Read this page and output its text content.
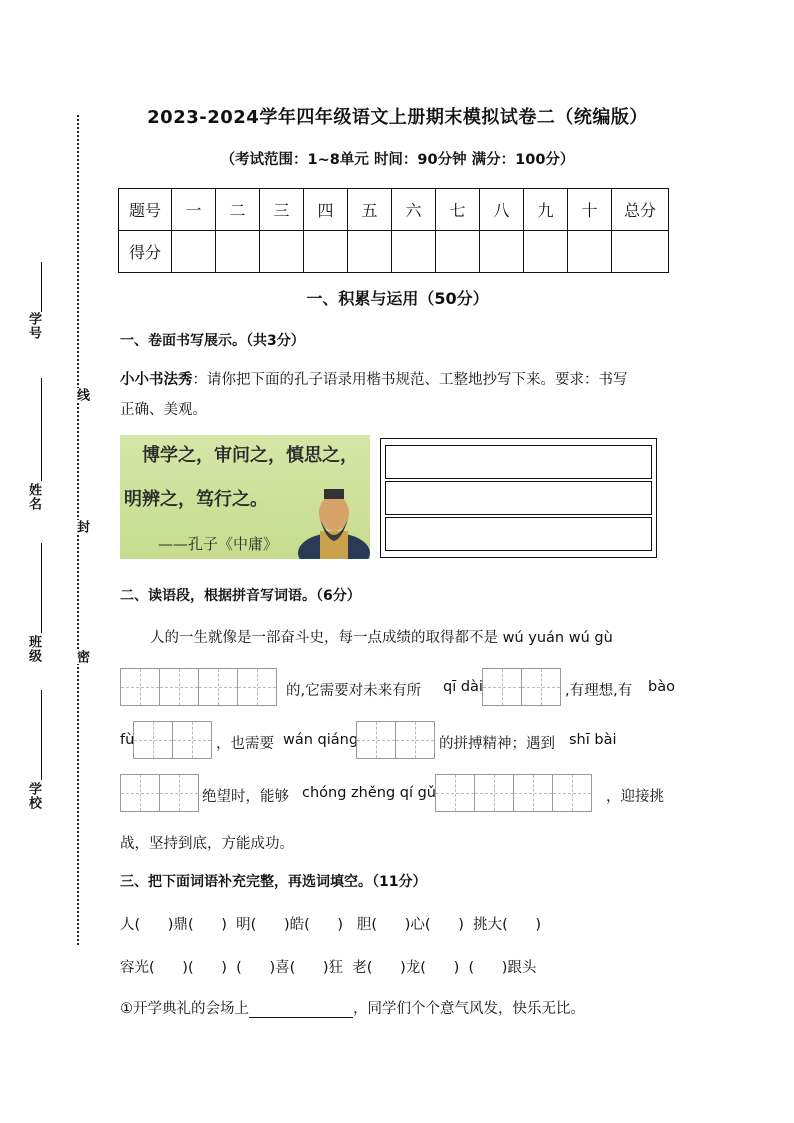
学号
姓名
班级
学校
线
封
密
2023-2024学年四年级语文上册期末模拟试卷二（统编版）
（考试范围：1~8单元 时间：90分钟 满分：100分）
题号	一	二	三	四	五	六	七	八	九	十	总分
得分											
一、积累与运用（50分）
一、卷面书写展示。（共3分）
小小书法秀：请你把下面的孔子语录用楷书规范、工整地抄写下来。要求：书写
正确、美观。
博学之，审问之，慎思之，
明辨之，笃行之。
——孔子《中庸》
二、读语段，根据拼音写词语。（6分）
人的一生就像是一部奋斗史，每一点成绩的取得都不是 wú yuán wú gù
的,它需要对未来有所 qī dài	,有理想,有 bào
fù	，也需要 wán qiáng	的拼搏精神；遇到 shī bài
绝望时，能够 chóng zhěng qí gǔ	，迎接挑
战，坚持到底，方能成功。
三、把下面词语补充完整，再选词填空。（11分）
人(      )鼎(      )  明(      )皓(      )   胆(      )心(      )  挑大(      )
容光(      )(      )  (      )喜(      )狂  老(      )龙(      )  (      )跟头
①开学典礼的会场上	，同学们个个意气风发，快乐无比。
